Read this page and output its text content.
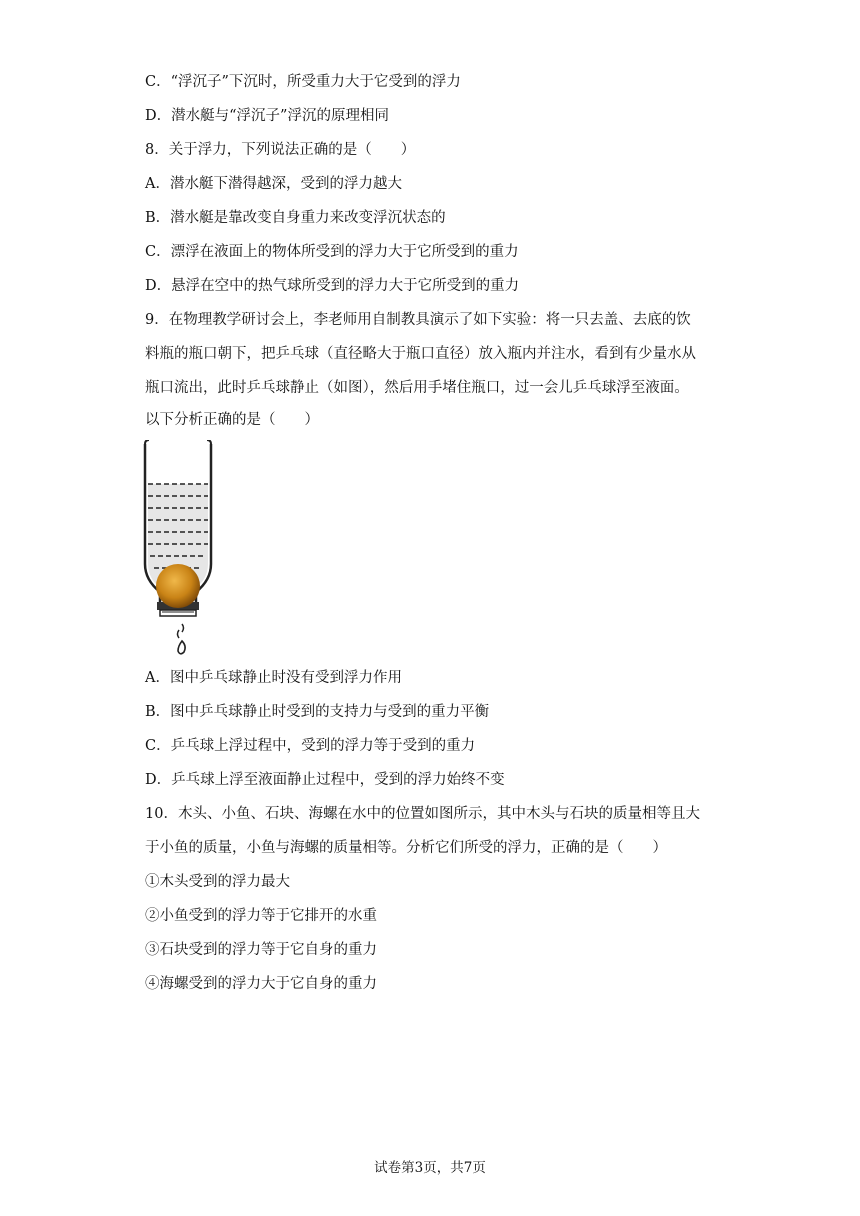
C．“浮沉子”下沉时，所受重力大于它受到的浮力
D．潜水艇与“浮沉子”浮沉的原理相同
8．关于浮力，下列说法正确的是（　　）
A．潜水艇下潜得越深，受到的浮力越大
B．潜水艇是靠改变自身重力来改变浮沉状态的
C．漂浮在液面上的物体所受到的浮力大于它所受到的重力
D．悬浮在空中的热气球所受到的浮力大于它所受到的重力
9．在物理教学研讨会上，李老师用自制教具演示了如下实验：将一只去盖、去底的饮
料瓶的瓶口朝下，把乒乓球（直径略大于瓶口直径）放入瓶内并注水，看到有少量水从
瓶口流出，此时乒乓球静止（如图），然后用手堵住瓶口，过一会儿乒乓球浮至液面。
以下分析正确的是（　　）
A．图中乒乓球静止时没有受到浮力作用
B．图中乒乓球静止时受到的支持力与受到的重力平衡
C．乒乓球上浮过程中，受到的浮力等于受到的重力
D．乒乓球上浮至液面静止过程中，受到的浮力始终不变
10．木头、小鱼、石块、海螺在水中的位置如图所示，其中木头与石块的质量相等且大
于小鱼的质量，小鱼与海螺的质量相等。分析它们所受的浮力，正确的是（　　）
①木头受到的浮力最大
②小鱼受到的浮力等于它排开的水重
③石块受到的浮力等于它自身的重力
④海螺受到的浮力大于它自身的重力
试卷第3页，共7页
